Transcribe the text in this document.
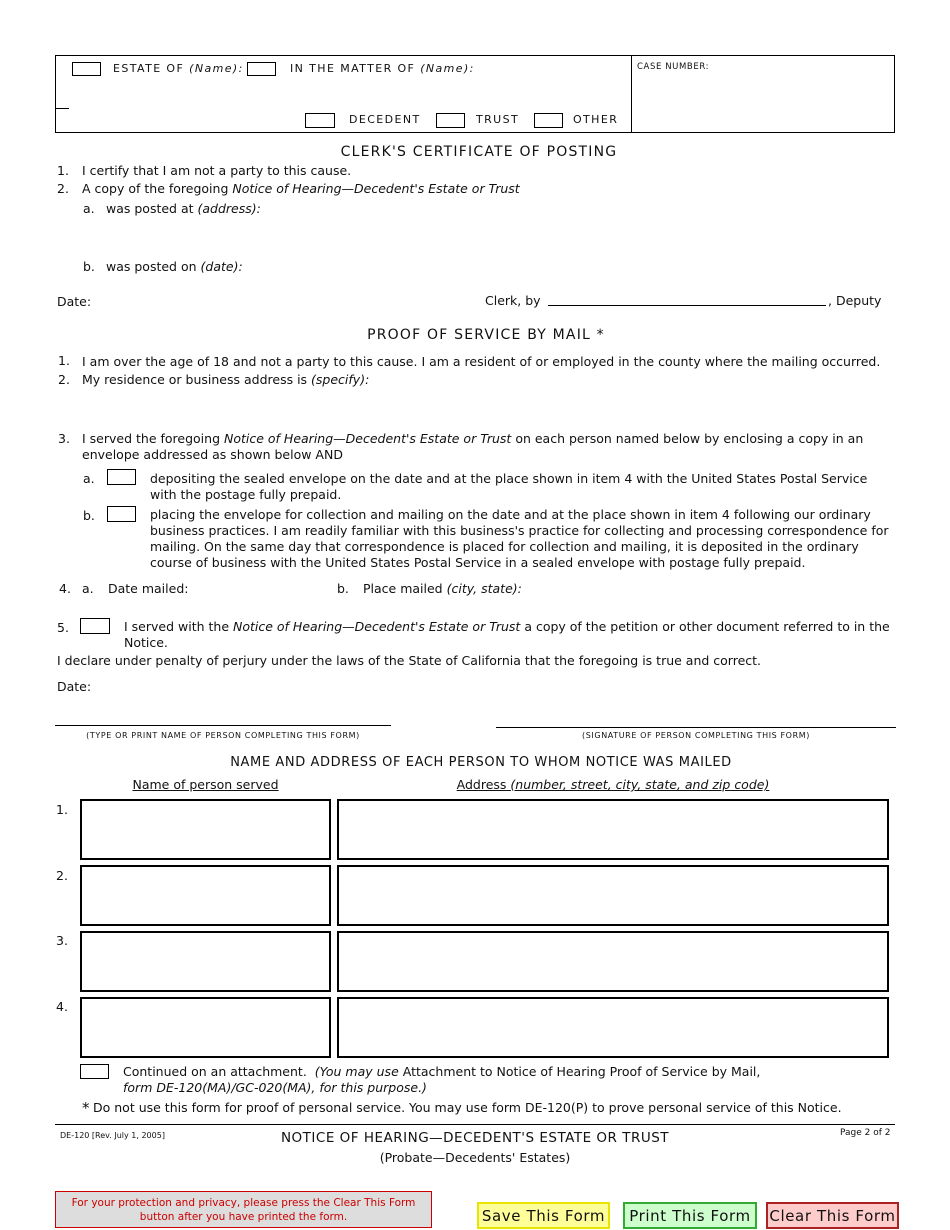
ESTATE OF (Name):	IN THE MATTER OF (Name):	CASE NUMBER:
DECEDENT	TRUST	OTHER
CLERK'S CERTIFICATE OF POSTING
1. I certify that I am not a party to this cause.
2. A copy of the foregoing Notice of Hearing—Decedent's Estate or Trust
a. was posted at (address):
b. was posted on (date):
Date:	Clerk, by	, Deputy
PROOF OF SERVICE BY MAIL *
1. I am over the age of 18 and not a party to this cause. I am a resident of or employed in the county where the mailing occurred.
2. My residence or business address is (specify):
3. I served the foregoing Notice of Hearing—Decedent's Estate or Trust on each person named below by enclosing a copy in an
envelope addressed as shown below AND
a.	depositing the sealed envelope on the date and at the place shown in item 4 with the United States Postal Service
with the postage fully prepaid.
b.	placing the envelope for collection and mailing on the date and at the place shown in item 4 following our ordinary
business practices. I am readily familiar with this business's practice for collecting and processing correspondence for
mailing. On the same day that correspondence is placed for collection and mailing, it is deposited in the ordinary
course of business with the United States Postal Service in a sealed envelope with postage fully prepaid.
4. a. Date mailed:	b. Place mailed (city, state):
5.	I served with the Notice of Hearing—Decedent's Estate or Trust a copy of the petition or other document referred to in the
Notice.
I declare under penalty of perjury under the laws of the State of California that the foregoing is true and correct.
Date:
(TYPE OR PRINT NAME OF PERSON COMPLETING THIS FORM)	(SIGNATURE OF PERSON COMPLETING THIS FORM)
NAME AND ADDRESS OF EACH PERSON TO WHOM NOTICE WAS MAILED
Name of person served	Address (number, street, city, state, and zip code)
1.
2.
3.
4.
Continued on an attachment. (You may use Attachment to Notice of Hearing Proof of Service by Mail,
form DE-120(MA)/GC-020(MA), for this purpose.)
* Do not use this form for proof of personal service. You may use form DE-120(P) to prove personal service of this Notice.
DE-120 [Rev. July 1, 2005]	NOTICE OF HEARING—DECEDENT'S ESTATE OR TRUST
(Probate—Decedents' Estates)
Page 2 of 2
For your protection and privacy, please press the Clear This Form
button after you have printed the form.	Save This Form	Print This Form	Clear This Form
